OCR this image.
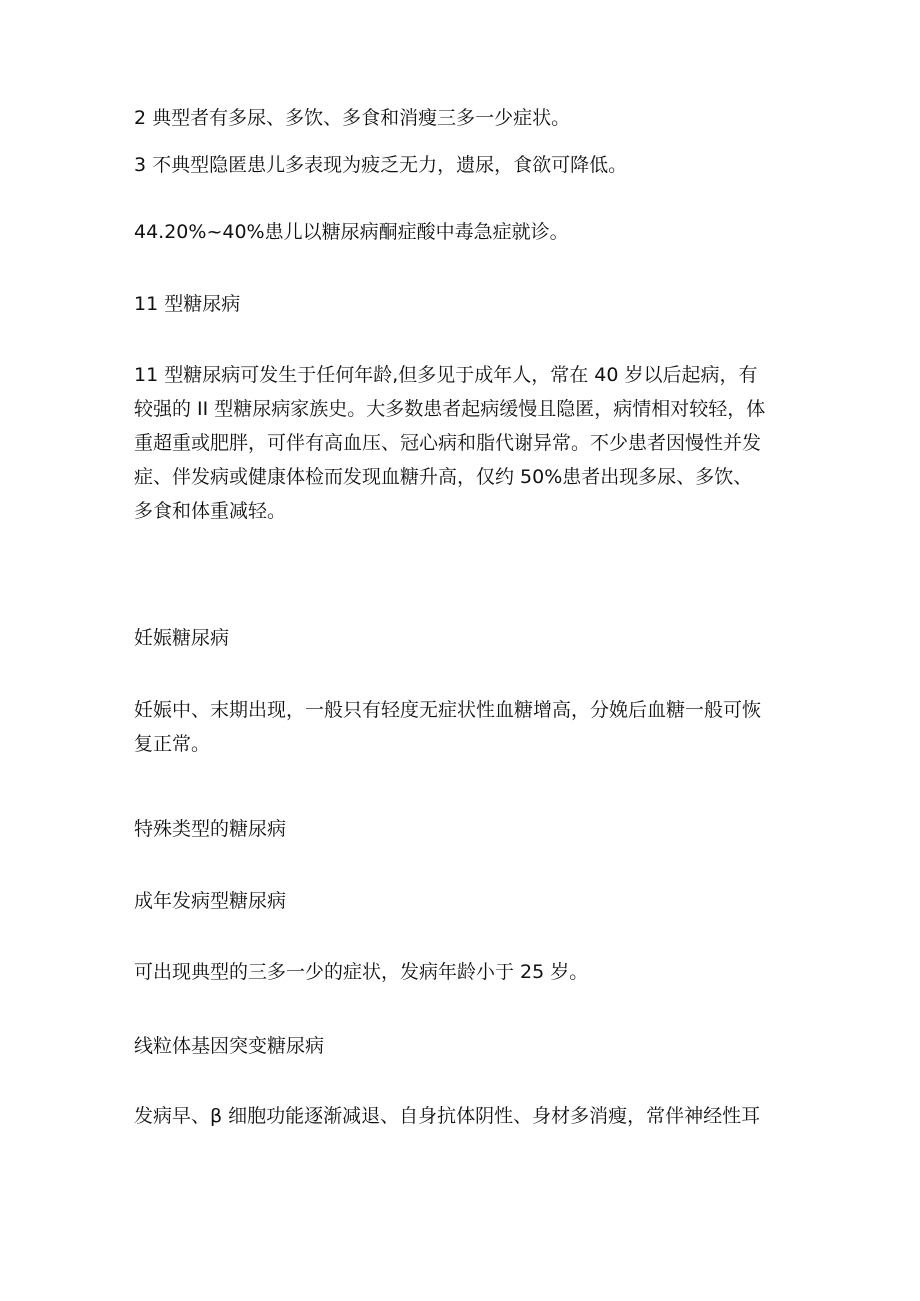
2 典型者有多尿、多饮、多食和消瘦三多一少症状。

3 不典型隐匿患儿多表现为疲乏无力，遗尿，食欲可降低。

44.20%~40%患儿以糖尿病酮症酸中毒急症就诊。

11 型糖尿病

11 型糖尿病可发生于任何年龄,但多见于成年人，常在 40 岁以后起病，有
较强的 II 型糖尿病家族史。大多数患者起病缓慢且隐匿，病情相对较轻，体
重超重或肥胖，可伴有高血压、冠心病和脂代谢异常。不少患者因慢性并发
症、伴发病或健康体检而发现血糖升高，仅约 50%患者出现多尿、多饮、
多食和体重减轻。

妊娠糖尿病

妊娠中、末期出现，一般只有轻度无症状性血糖增高，分娩后血糖一般可恢
复正常。

特殊类型的糖尿病

成年发病型糖尿病

可出现典型的三多一少的症状，发病年龄小于 25 岁。

线粒体基因突变糖尿病

发病早、β 细胞功能逐渐减退、自身抗体阴性、身材多消瘦，常伴神经性耳
